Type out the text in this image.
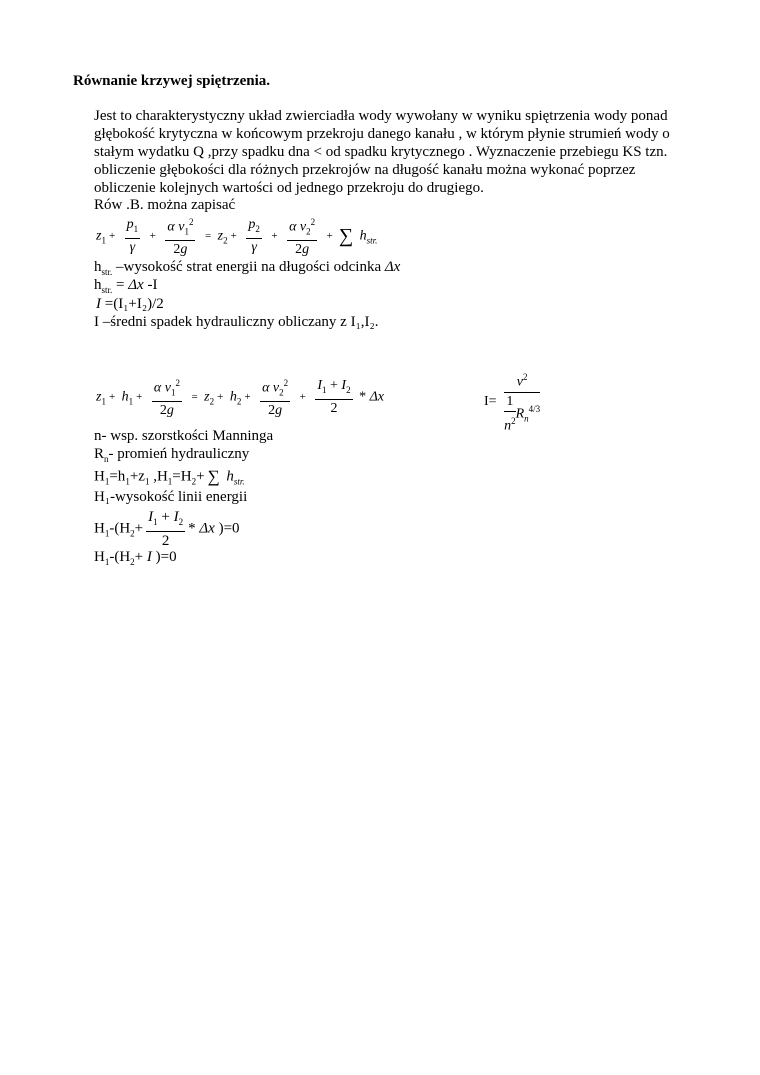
Równanie krzywej spiętrzenia.
Jest to charakterystyczny układ zwierciadła wody wywołany w wyniku spiętrzenia wody ponad
głębokość krytyczna w końcowym przekroju danego kanału , w którym płynie strumień wody o
stałym wydatku Q ,przy spadku dna < od spadku krytycznego . Wyznaczenie przebiegu KS tzn.
obliczenie głębokości dla różnych przekrojów na długość kanału można wykonać poprzez
obliczenie kolejnych wartości od jednego przekroju do drugiego.
Rów .B. można zapisać
$z_1 + \frac{p_1}{\gamma} + \frac{\alpha v_1^2}{2g} = z_2 + \frac{p_2}{\gamma} + \frac{\alpha v_2^2}{2g}$ + ∑ $h_{str.}$
$h_{str.}$ –wysokość strat energii na długości odcinka Δx
$h_{str.} = \Delta x$ -I
I =(I₁+I₂)/2
I –średni spadek hydrauliczny obliczany z I₁,I₂.
$z_1 + h_1 + \frac{\alpha v_1^2}{2g} = z_2 + h_2 + \frac{\alpha v_2^2}{2g} + \frac{I_1 + I_2}{2} * \Delta x$	$I= \frac{v^2}{\frac{1}{n^2} R_n^{4/3}}$
n- wsp. szorstkości Manninga
$R_n-$ promień hydrauliczny
$H_1=h_1+z_1$ $,H_1=H_2+$ ∑ $h_{str.}$
H₁-wysokość linii energii
$H_1-(H_2+ \frac{I_1 + I_2}{2} * \Delta x$ )=0
$H_1-(H_2+ I$ )=0
